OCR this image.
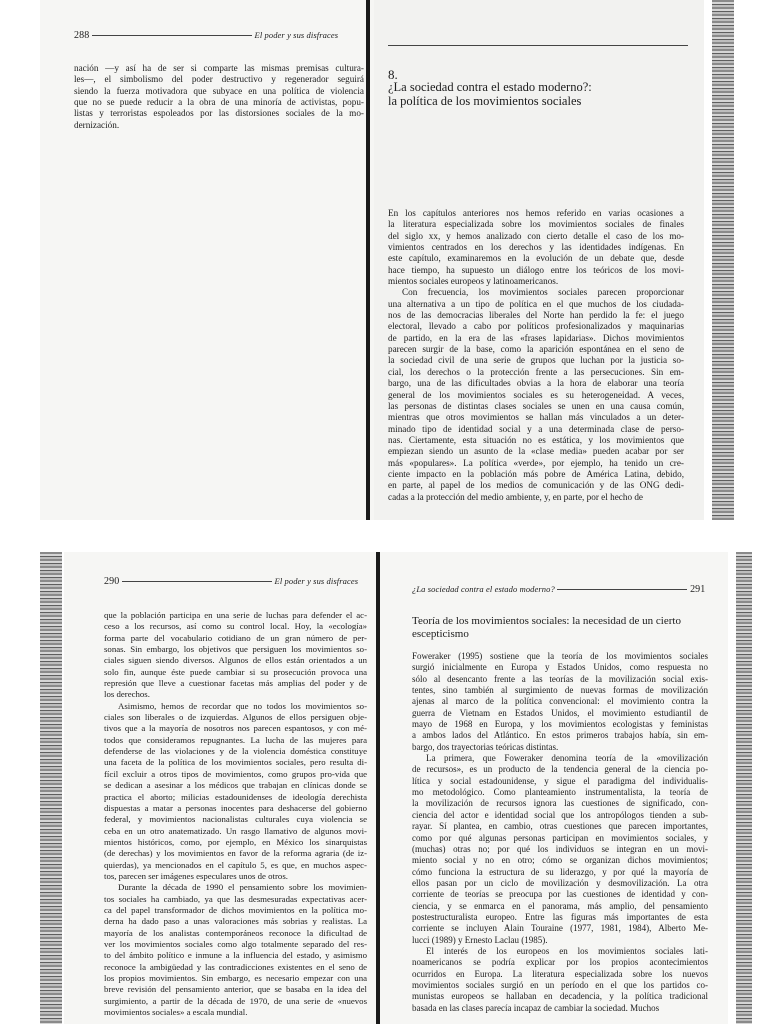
288	El poder y sus disfraces
nación —y así ha de ser si comparte las mismas premisas cultura-
les—, el simbolismo del poder destructivo y regenerador seguirá
siendo la fuerza motivadora que subyace en una política de violencia
que no se puede reducir a la obra de una minoría de activistas, popu-
listas y terroristas espoleados por las distorsiones sociales de la mo-
dernización.
8.
¿La sociedad contra el estado moderno?:
la política de los movimientos sociales
En los capítulos anteriores nos hemos referido en varias ocasiones a
la literatura especializada sobre los movimientos sociales de finales
del siglo xx, y hemos analizado con cierto detalle el caso de los mo-
vimientos centrados en los derechos y las identidades indígenas. En
este capítulo, examinaremos en la evolución de un debate que, desde
hace tiempo, ha supuesto un diálogo entre los teóricos de los movi-
mientos sociales europeos y latinoamericanos.
Con frecuencia, los movimientos sociales parecen proporcionar
una alternativa a un tipo de política en el que muchos de los ciudada-
nos de las democracias liberales del Norte han perdido la fe: el juego
electoral, llevado a cabo por políticos profesionalizados y maquinarias
de partido, en la era de las «frases lapidarias». Dichos movimientos
parecen surgir de la base, como la aparición espontánea en el seno de
la sociedad civil de una serie de grupos que luchan por la justicia so-
cial, los derechos o la protección frente a las persecuciones. Sin em-
bargo, una de las dificultades obvias a la hora de elaborar una teoría
general de los movimientos sociales es su heterogeneidad. A veces,
las personas de distintas clases sociales se unen en una causa común,
mientras que otros movimientos se hallan más vinculados a un deter-
minado tipo de identidad social y a una determinada clase de perso-
nas. Ciertamente, esta situación no es estática, y los movimientos que
empiezan siendo un asunto de la «clase media» pueden acabar por ser
más «populares». La política «verde», por ejemplo, ha tenido un cre-
ciente impacto en la población más pobre de América Latina, debido,
en parte, al papel de los medios de comunicación y de las ONG dedi-
cadas a la protección del medio ambiente, y, en parte, por el hecho de
290	El poder y sus disfraces
que la población participa en una serie de luchas para defender el ac-
ceso a los recursos, así como su control local. Hoy, la «ecología»
forma parte del vocabulario cotidiano de un gran número de per-
sonas. Sin embargo, los objetivos que persiguen los movimientos so-
ciales siguen siendo diversos. Algunos de ellos están orientados a un
solo fin, aunque éste puede cambiar si su prosecución provoca una
represión que lleve a cuestionar facetas más amplias del poder y de
los derechos.
Asimismo, hemos de recordar que no todos los movimientos so-
ciales son liberales o de izquierdas. Algunos de ellos persiguen obje-
tivos que a la mayoría de nosotros nos parecen espantosos, y con mé-
todos que consideramos repugnantes. La lucha de las mujeres para
defenderse de las violaciones y de la violencia doméstica constituye
una faceta de la política de los movimientos sociales, pero resulta di-
fícil excluir a otros tipos de movimientos, como grupos pro-vida que
se dedican a asesinar a los médicos que trabajan en clínicas donde se
practica el aborto; milicias estadounidenses de ideología derechista
dispuestas a matar a personas inocentes para deshacerse del gobierno
federal, y movimientos nacionalistas culturales cuya violencia se
ceba en un otro anatematizado. Un rasgo llamativo de algunos movi-
mientos históricos, como, por ejemplo, en México los sinarquistas
(de derechas) y los movimientos en favor de la reforma agraria (de iz-
quierdas), ya mencionados en el capítulo 5, es que, en muchos aspec-
tos, parecen ser imágenes especulares unos de otros.
Durante la década de 1990 el pensamiento sobre los movimien-
tos sociales ha cambiado, ya que las desmesuradas expectativas acer-
ca del papel transformador de dichos movimientos en la política mo-
derna ha dado paso a unas valoraciones más sobrias y realistas. La
mayoría de los analistas contemporáneos reconoce la dificultad de
ver los movimientos sociales como algo totalmente separado del res-
to del ámbito político e inmune a la influencia del estado, y asimismo
reconoce la ambigüedad y las contradicciones existentes en el seno de
los propios movimientos. Sin embargo, es necesario empezar con una
breve revisión del pensamiento anterior, que se basaba en la idea del
surgimiento, a partir de la década de 1970, de una serie de «nuevos
movimientos sociales» a escala mundial.
¿La sociedad contra el estado moderno?	291
Teoría de los movimientos sociales: la necesidad de un cierto
escepticismo
Foweraker (1995) sostiene que la teoría de los movimientos sociales
surgió inicialmente en Europa y Estados Unidos, como respuesta no
sólo al desencanto frente a las teorías de la movilización social exis-
tentes, sino también al surgimiento de nuevas formas de movilización
ajenas al marco de la política convencional: el movimiento contra la
guerra de Vietnam en Estados Unidos, el movimiento estudiantil de
mayo de 1968 en Europa, y los movimientos ecologistas y feministas
a ambos lados del Atlántico. En estos primeros trabajos había, sin em-
bargo, dos trayectorias teóricas distintas.
La primera, que Foweraker denomina teoría de la «movilización
de recursos», es un producto de la tendencia general de la ciencia po-
lítica y social estadounidense, y sigue el paradigma del individualis-
mo metodológico. Como planteamiento instrumentalista, la teoría de
la movilización de recursos ignora las cuestiones de significado, con-
ciencia del actor e identidad social que los antropólogos tienden a sub-
rayar. Sí plantea, en cambio, otras cuestiones que parecen importantes,
como por qué algunas personas participan en movimientos sociales, y
(muchas) otras no; por qué los individuos se integran en un movi-
miento social y no en otro; cómo se organizan dichos movimientos;
cómo funciona la estructura de su liderazgo, y por qué la mayoría de
ellos pasan por un ciclo de movilización y desmovilización. La otra
corriente de teorías se preocupa por las cuestiones de identidad y con-
ciencia, y se enmarca en el panorama, más amplio, del pensamiento
postestructuralista europeo. Entre las figuras más importantes de esta
corriente se incluyen Alain Touraine (1977, 1981, 1984), Alberto Me-
lucci (1989) y Ernesto Laclau (1985).
El interés de los europeos en los movimientos sociales lati-
noamericanos se podría explicar por los propios acontecimientos
ocurridos en Europa. La literatura especializada sobre los nuevos
movimientos sociales surgió en un período en el que los partidos co-
munistas europeos se hallaban en decadencia, y la política tradicional
basada en las clases parecía incapaz de cambiar la sociedad. Muchos
